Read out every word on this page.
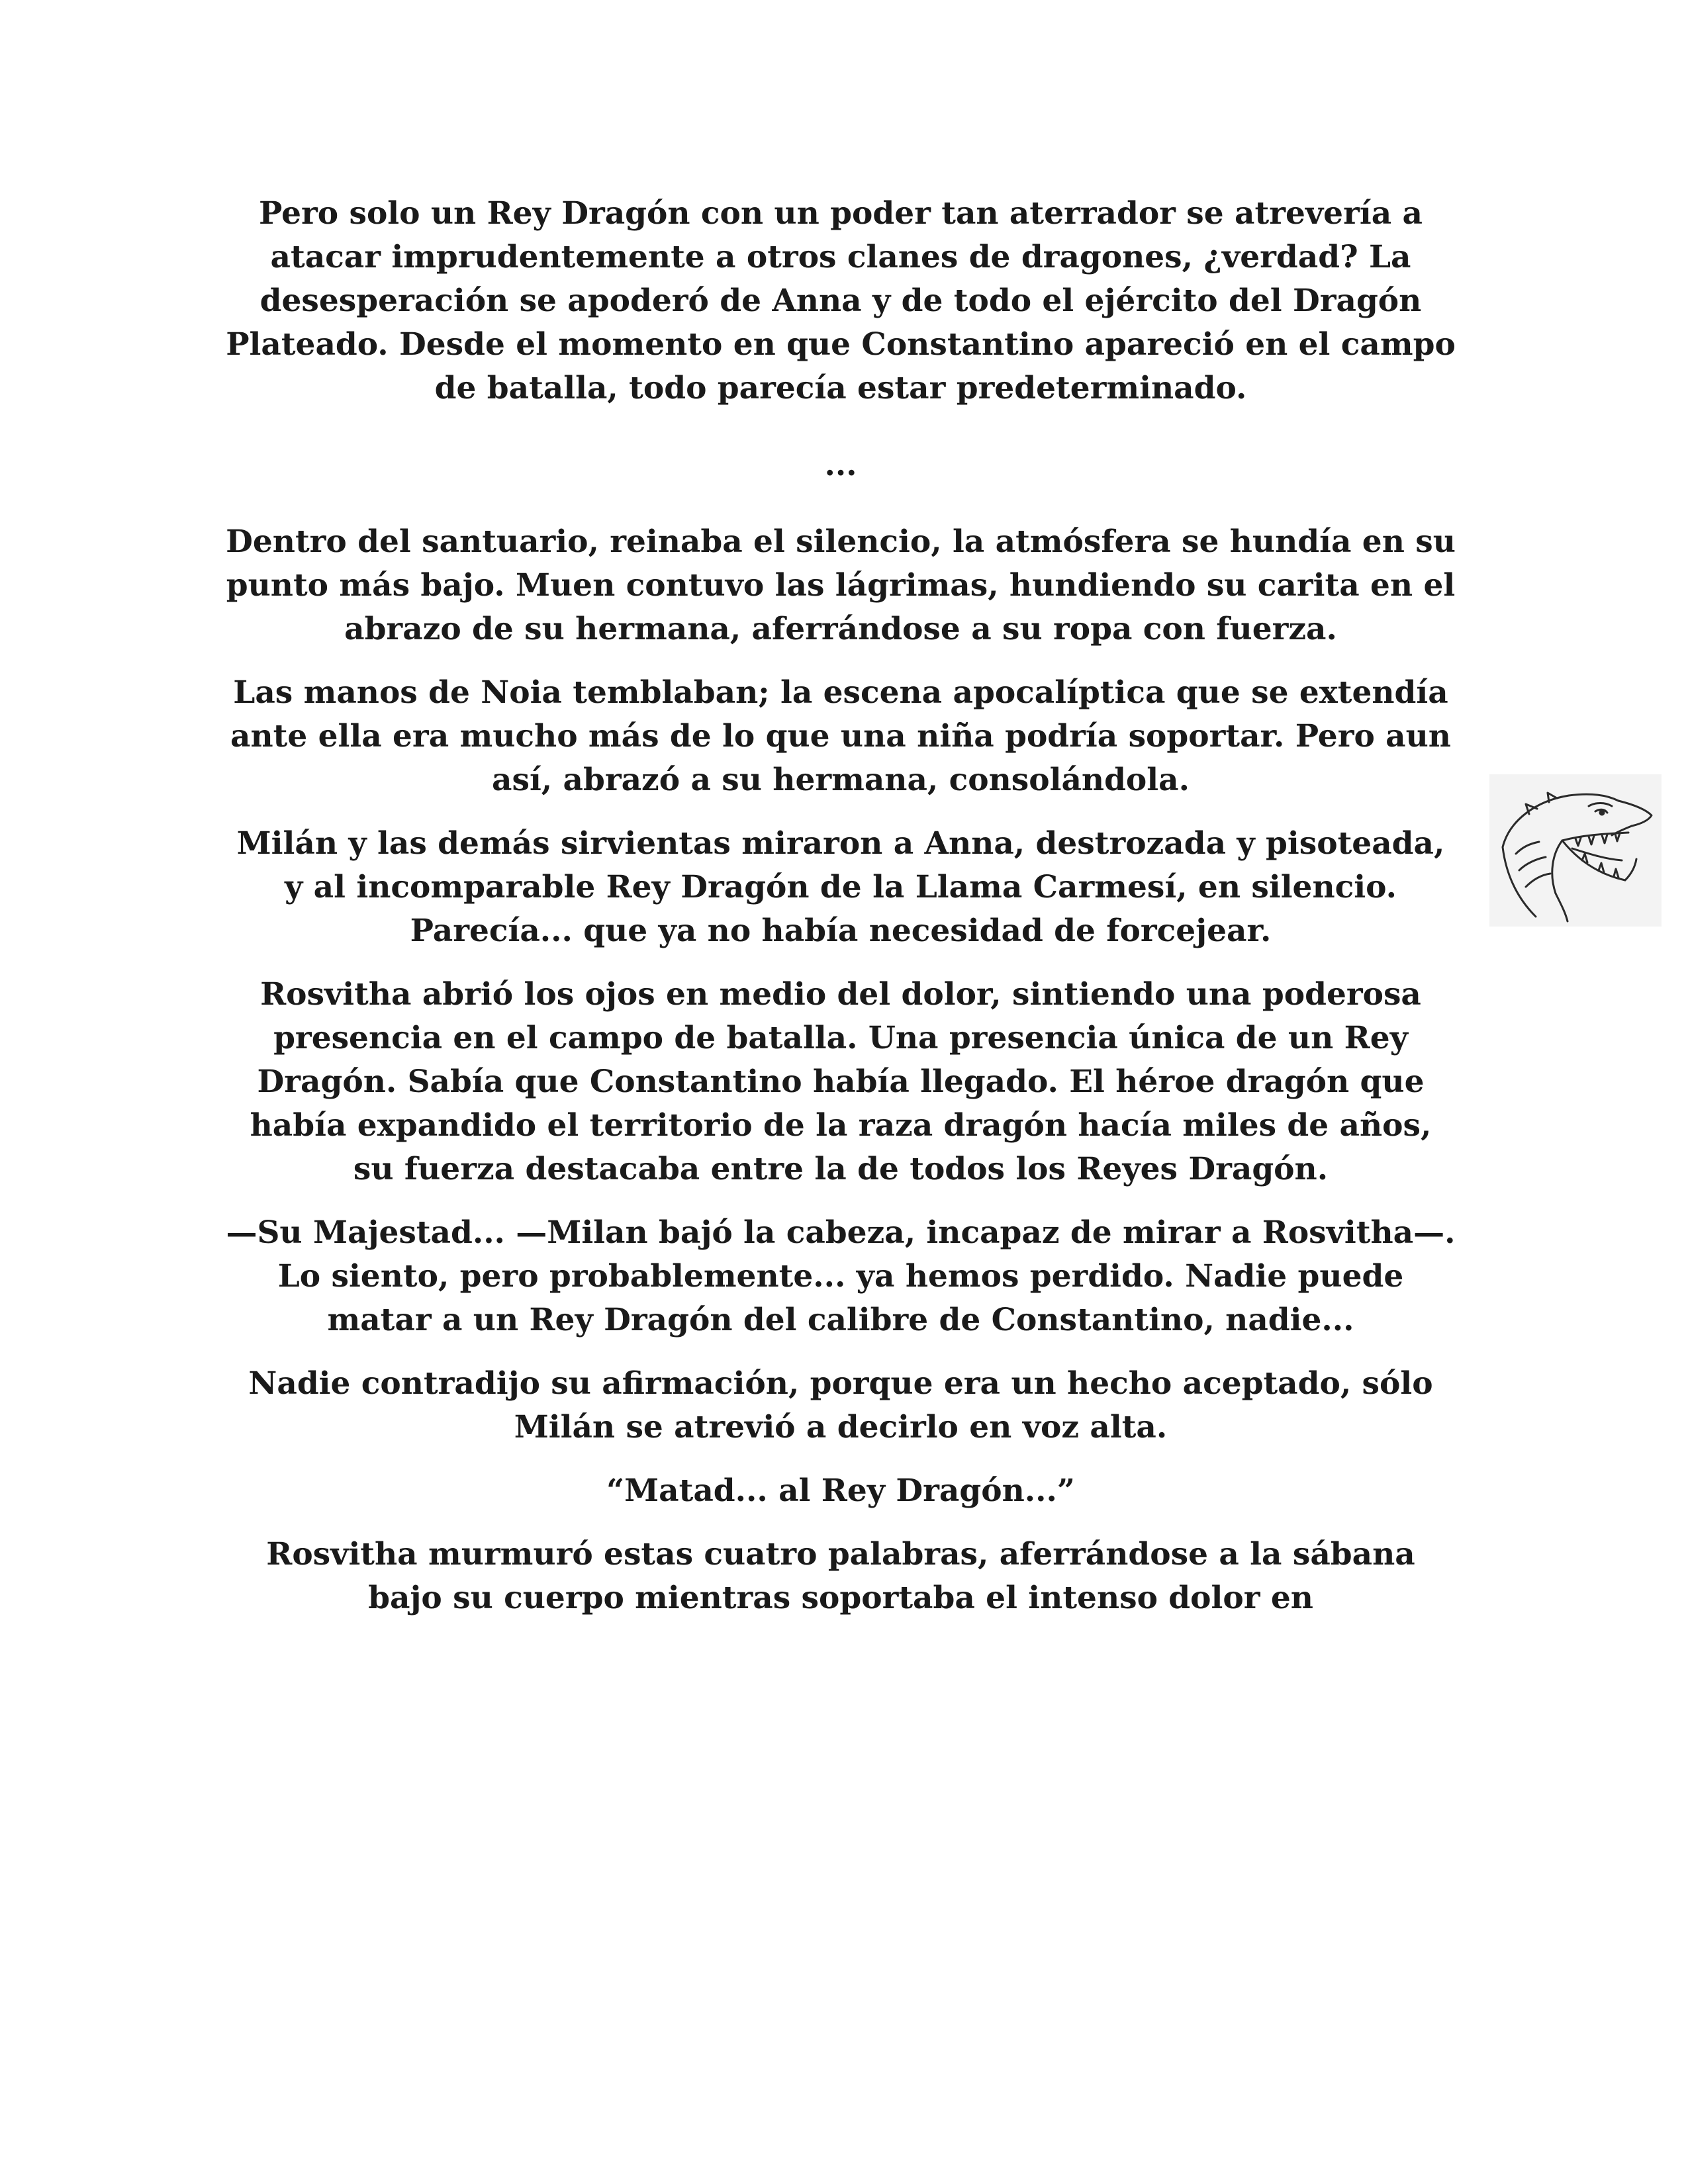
Pero solo un Rey Dragón con un poder tan aterrador se atrevería a atacar imprudentemente a otros clanes de dragones, ¿verdad? La desesperación se apoderó de Anna y de todo el ejército del Dragón Plateado. Desde el momento en que Constantino apareció en el campo de batalla, todo parecía estar predeterminado.

...

Dentro del santuario, reinaba el silencio, la atmósfera se hundía en su punto más bajo. Muen contuvo las lágrimas, hundiendo su carita en el abrazo de su hermana, aferrándose a su ropa con fuerza.

Las manos de Noia temblaban; la escena apocalíptica que se extendía ante ella era mucho más de lo que una niña podría soportar. Pero aun así, abrazó a su hermana, consolándola.

Milán y las demás sirvientas miraron a Anna, destrozada y pisoteada, y al incomparable Rey Dragón de la Llama Carmesí, en silencio. Parecía... que ya no había necesidad de forcejear.

Rosvitha abrió los ojos en medio del dolor, sintiendo una poderosa presencia en el campo de batalla. Una presencia única de un Rey Dragón. Sabía que Constantino había llegado. El héroe dragón que había expandido el territorio de la raza dragón hacía miles de años, su fuerza destacaba entre la de todos los Reyes Dragón.

—Su Majestad... —Milan bajó la cabeza, incapaz de mirar a Rosvitha—. Lo siento, pero probablemente... ya hemos perdido. Nadie puede matar a un Rey Dragón del calibre de Constantino, nadie...

Nadie contradijo su afirmación, porque era un hecho aceptado, sólo Milán se atrevió a decirlo en voz alta.

“Matad... al Rey Dragón...”

Rosvitha murmuró estas cuatro palabras, aferrándose a la sábana bajo su cuerpo mientras soportaba el intenso dolor en
